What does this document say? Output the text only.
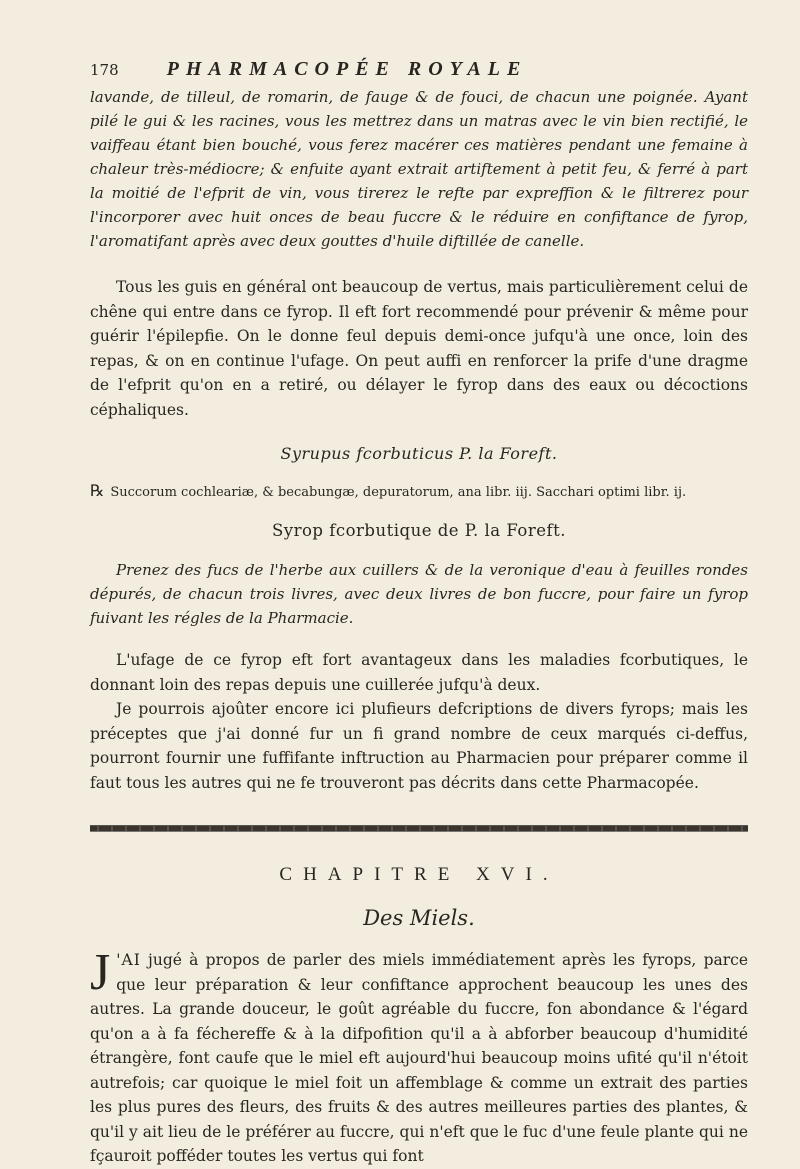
178 PHARMACOPÉE ROYALE

lavande, de tilleul, de romarin, de fauge & de fouci, de chacun une poignée. Ayant pilé le gui & les racines, vous les mettrez dans un matras avec le vin bien rectifié, le vaiffeau étant bien bouché, vous ferez macérer ces matières pendant une femaine à chaleur très-médiocre; & enfuite ayant extrait artiftement à petit feu, & ferré à part la moitié de l'efprit de vin, vous tirerez le refte par expreffion & le filtrerez pour l'incorporer avec huit onces de beau fuccre & le réduire en confiftance de fyrop, l'aromatifant après avec deux gouttes d'huile diftillée de canelle.

Tous les guis en général ont beaucoup de vertus, mais particulièrement celui de chêne qui entre dans ce fyrop. Il eft fort recommendé pour prévenir & même pour guérir l'épilepfie. On le donne feul depuis demi-once jufqu'à une once, loin des repas, & on en continue l'ufage. On peut auffi en renforcer la prife d'une dragme de l'efprit qu'on en a retiré, ou délayer le fyrop dans des eaux ou décoctions céphaliques.

Syrupus fcorbuticus P. la Foreft.

℞ Succorum cochleariæ, & becabungæ, depuratorum, ana libr. iij. Sacchari optimi libr. ij.

Syrop fcorbutique de P. la Foreft.

Prenez des fucs de l'herbe aux cuillers & de la veronique d'eau à feuilles rondes dépurés, de chacun trois livres, avec deux livres de bon fuccre, pour faire un fyrop fuivant les régles de la Pharmacie.

L'ufage de ce fyrop eft fort avantageux dans les maladies fcorbutiques, le donnant loin des repas depuis une cuillerée jufqu'à deux.

Je pourrois ajoûter encore ici plufieurs defcriptions de divers fyrops; mais les préceptes que j'ai donné fur un fi grand nombre de ceux marqués ci-deffus, pourront fournir une fuffifante inftruction au Pharmacien pour préparer comme il faut tous les autres qui ne fe trouveront pas décrits dans cette Pharmacopée.

CHAPITRE XVI.
Des Miels.

J 'AI jugé à propos de parler des miels immédiatement après les fyrops, parce que leur préparation & leur confiftance approchent beaucoup les unes des autres. La grande douceur, le goût agréable du fuccre, fon abondance & l'égard qu'on a à fa féchereffe & à la difpofition qu'il a à abforber beaucoup d'humidité étrangère, font caufe que le miel eft aujourd'hui beaucoup moins ufité qu'il n'étoit autrefois; car quoique le miel foit un affemblage & comme un extrait des parties les plus pures des fleurs, des fruits & des autres meilleures parties des plantes, & qu'il y ait lieu de le préférer au fuccre, qui n'eft que le fuc d'une feule plante qui ne fçauroit pofféder toutes les vertus qui font
